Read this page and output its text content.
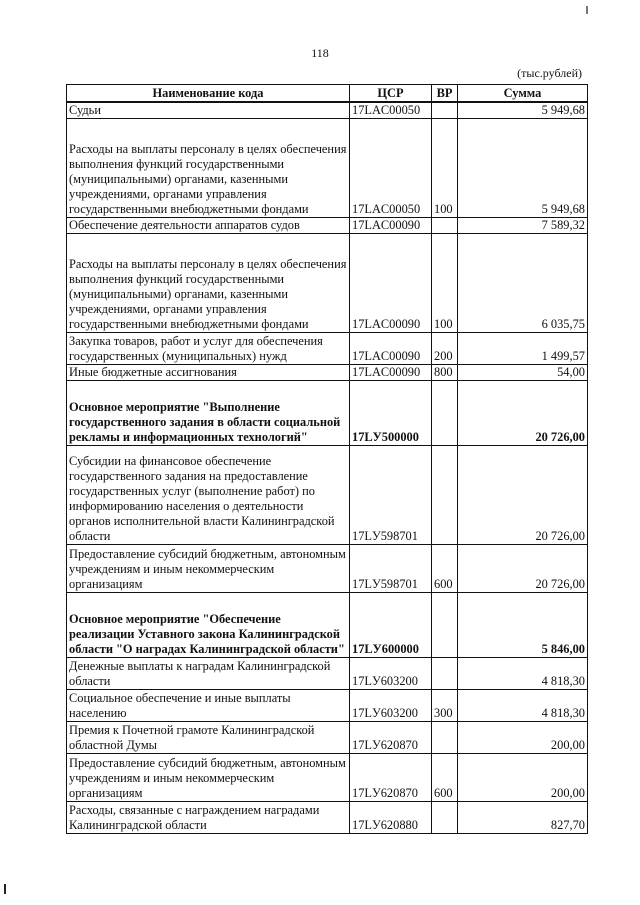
118
(тыс.рублей)
Наименование кода	ЦСР	ВР	Сумма
Судьи	17LAC00050		5 949,68
Расходы на выплаты персоналу в целях обеспечения выполнения функций государственными (муниципальными) органами, казенными учреждениями, органами управления государственными внебюджетными фондами	17LAC00050	100	5 949,68
Обеспечение деятельности аппаратов судов	17LAC00090		7 589,32
Расходы на выплаты персоналу в целях обеспечения выполнения функций государственными (муниципальными) органами, казенными учреждениями, органами управления государственными внебюджетными фондами	17LAC00090	100	6 035,75
Закупка товаров, работ и услуг для обеспечения государственных (муниципальных) нужд	17LAC00090	200	1 499,57
Иные бюджетные ассигнования	17LAC00090	800	54,00
Основное мероприятие "Выполнение государственного задания в области социальной рекламы и информационных технологий"	17LУ500000		20 726,00
Субсидии на финансовое обеспечение государственного задания на предоставление государственных услуг (выполнение работ) по информированию населения о деятельности органов исполнительной власти Калининградской области	17LУ598701		20 726,00
Предоставление субсидий бюджетным, автономным учреждениям и иным некоммерческим организациям	17LУ598701	600	20 726,00
Основное мероприятие "Обеспечение реализации Уставного закона Калининградской области "О наградах Калининградской области"	17LУ600000		5 846,00
Денежные выплаты к наградам Калининградской области	17LУ603200		4 818,30
Социальное обеспечение и иные выплаты населению	17LУ603200	300	4 818,30
Премия к Почетной грамоте Калининградской областной Думы	17LУ620870		200,00
Предоставление субсидий бюджетным, автономным учреждениям и иным некоммерческим организациям	17LУ620870	600	200,00
Расходы, связанные с награждением наградами Калининградской области	17LУ620880		827,70
